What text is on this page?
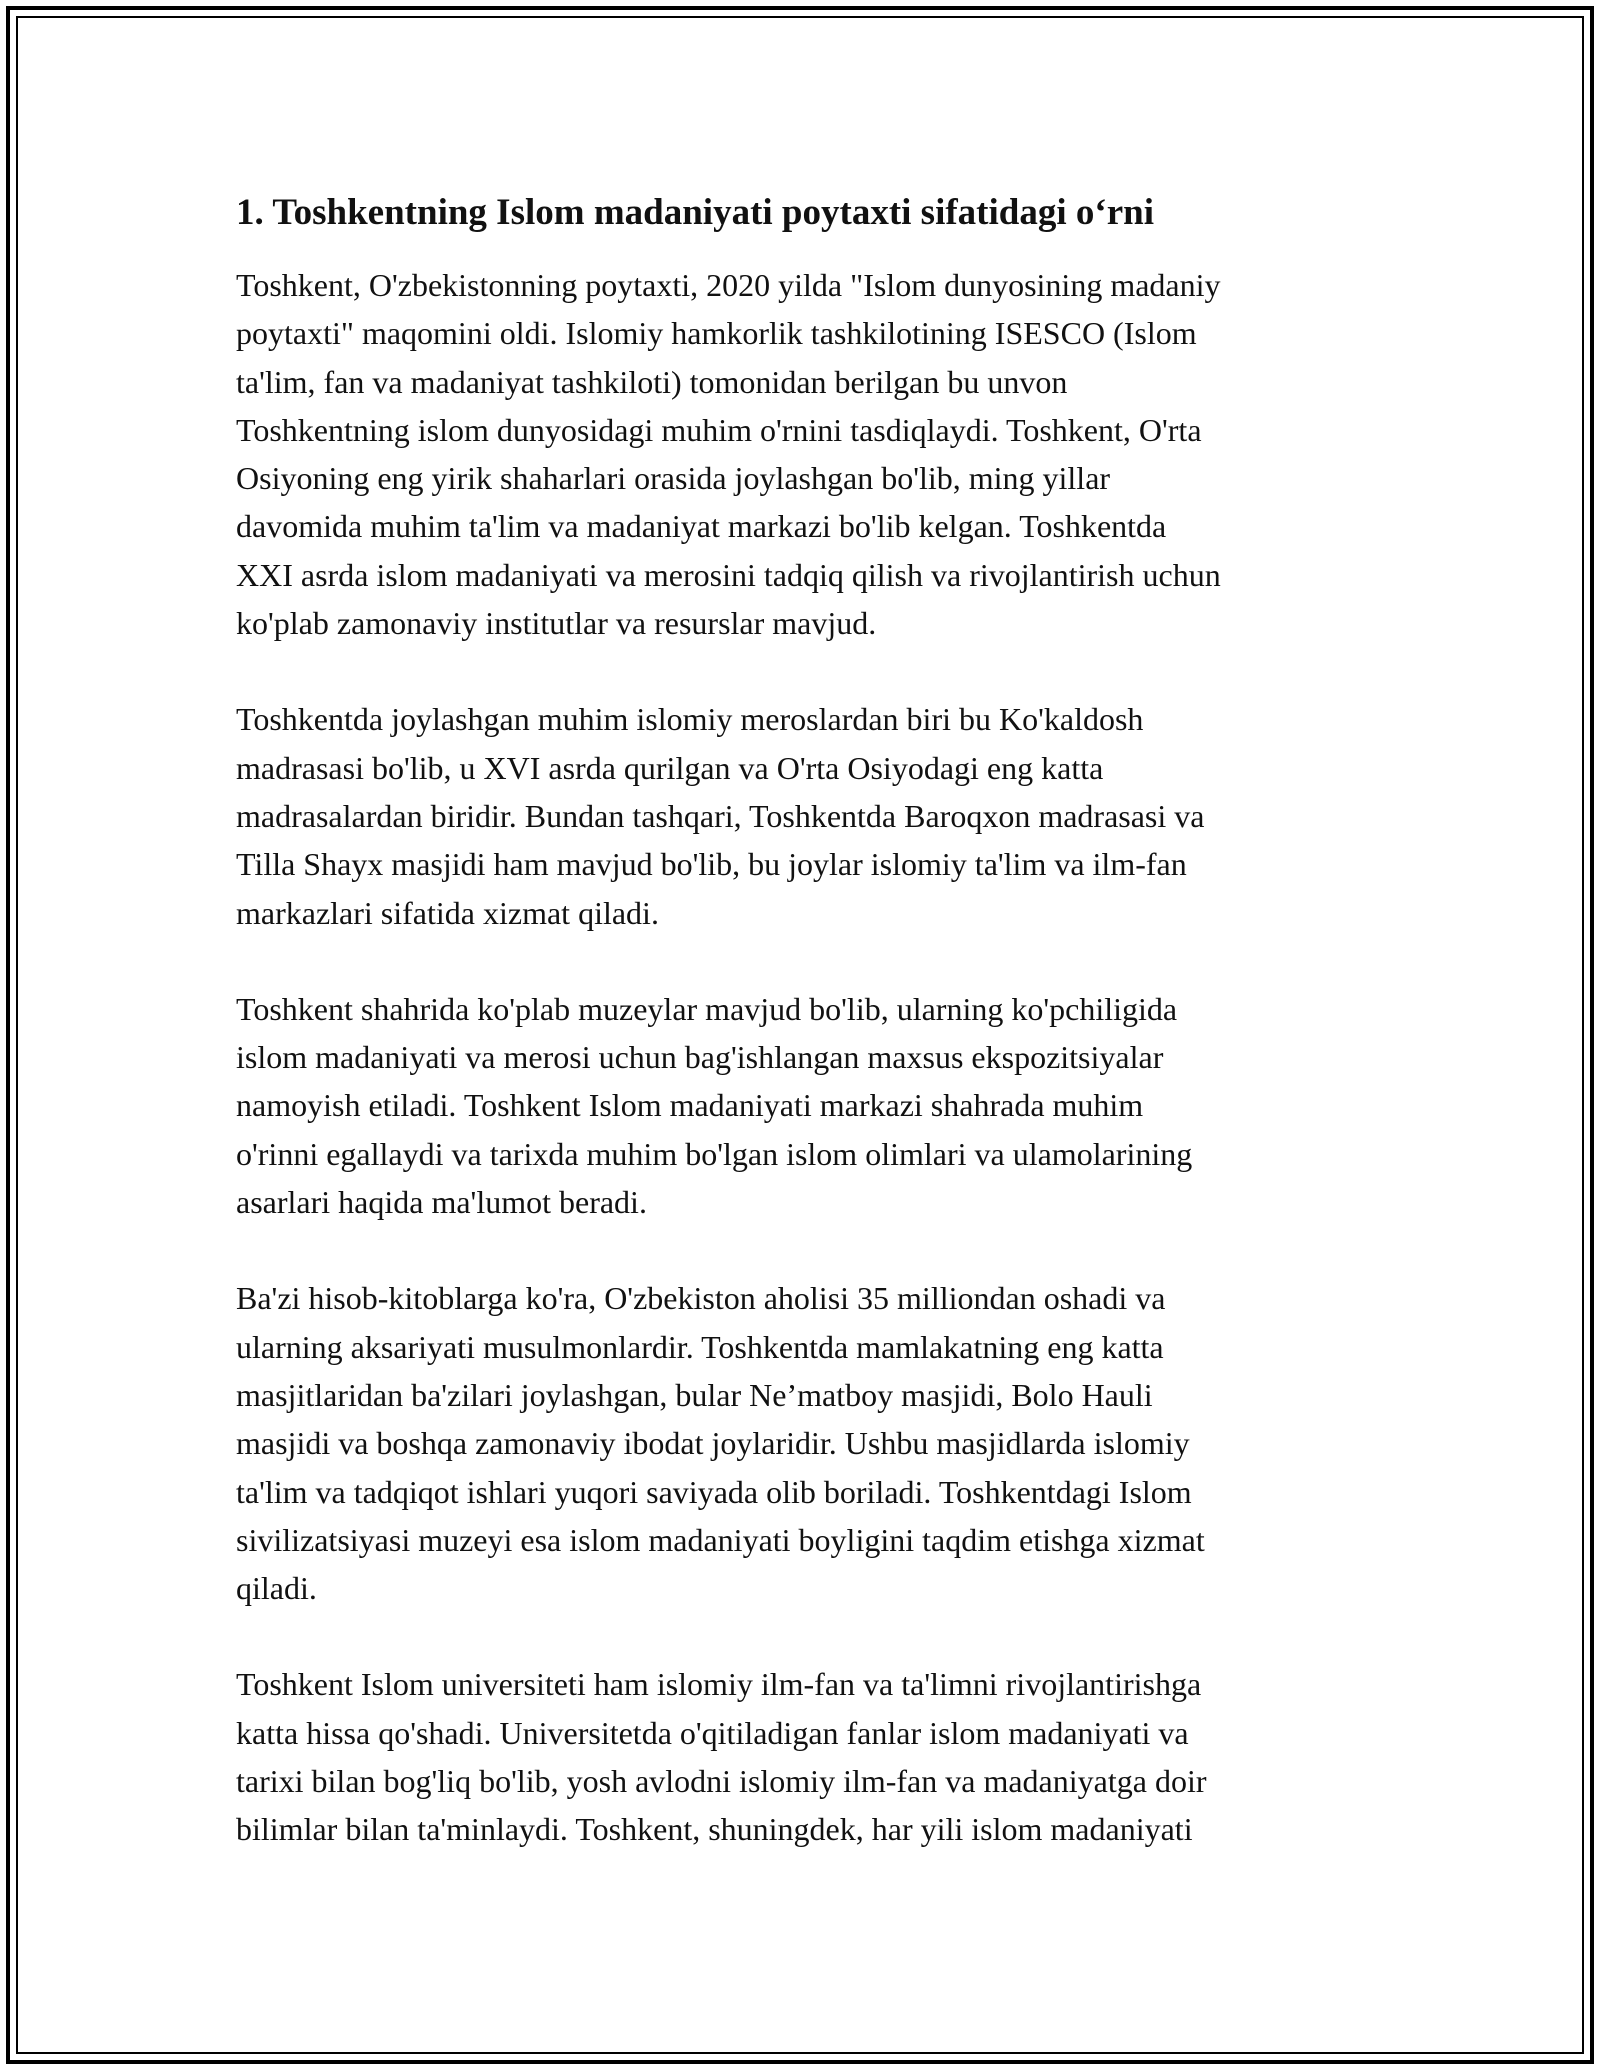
1. Toshkentning Islom madaniyati poytaxti sifatidagi o‘rni

Toshkent, O'zbekistonning poytaxti, 2020 yilda "Islom dunyosining madaniy
poytaxti" maqomini oldi. Islomiy hamkorlik tashkilotining ISESCO (Islom
ta'lim, fan va madaniyat tashkiloti) tomonidan berilgan bu unvon
Toshkentning islom dunyosidagi muhim o'rnini tasdiqlaydi. Toshkent, O'rta
Osiyoning eng yirik shaharlari orasida joylashgan bo'lib, ming yillar
davomida muhim ta'lim va madaniyat markazi bo'lib kelgan. Toshkentda
XXI asrda islom madaniyati va merosini tadqiq qilish va rivojlantirish uchun
ko'plab zamonaviy institutlar va resurslar mavjud.

Toshkentda joylashgan muhim islomiy meroslardan biri bu Ko'kaldosh
madrasasi bo'lib, u XVI asrda qurilgan va O'rta Osiyodagi eng katta
madrasalardan biridir. Bundan tashqari, Toshkentda Baroqxon madrasasi va
Tilla Shayx masjidi ham mavjud bo'lib, bu joylar islomiy ta'lim va ilm-fan
markazlari sifatida xizmat qiladi.

Toshkent shahrida ko'plab muzeylar mavjud bo'lib, ularning ko'pchiligida
islom madaniyati va merosi uchun bag'ishlangan maxsus ekspozitsiyalar
namoyish etiladi. Toshkent Islom madaniyati markazi shahrada muhim
o'rinni egallaydi va tarixda muhim bo'lgan islom olimlari va ulamolarining
asarlari haqida ma'lumot beradi.

Ba'zi hisob-kitoblarga ko'ra, O'zbekiston aholisi 35 milliondan oshadi va
ularning aksariyati musulmonlardir. Toshkentda mamlakatning eng katta
masjitlaridan ba'zilari joylashgan, bular Ne’matboy masjidi, Bolo Hauli
masjidi va boshqa zamonaviy ibodat joylaridir. Ushbu masjidlarda islomiy
ta'lim va tadqiqot ishlari yuqori saviyada olib boriladi. Toshkentdagi Islom
sivilizatsiyasi muzeyi esa islom madaniyati boyligini taqdim etishga xizmat
qiladi.

Toshkent Islom universiteti ham islomiy ilm-fan va ta'limni rivojlantirishga
katta hissa qo'shadi. Universitetda o'qitiladigan fanlar islom madaniyati va
tarixi bilan bog'liq bo'lib, yosh avlodni islomiy ilm-fan va madaniyatga doir
bilimlar bilan ta'minlaydi. Toshkent, shuningdek, har yili islom madaniyati
